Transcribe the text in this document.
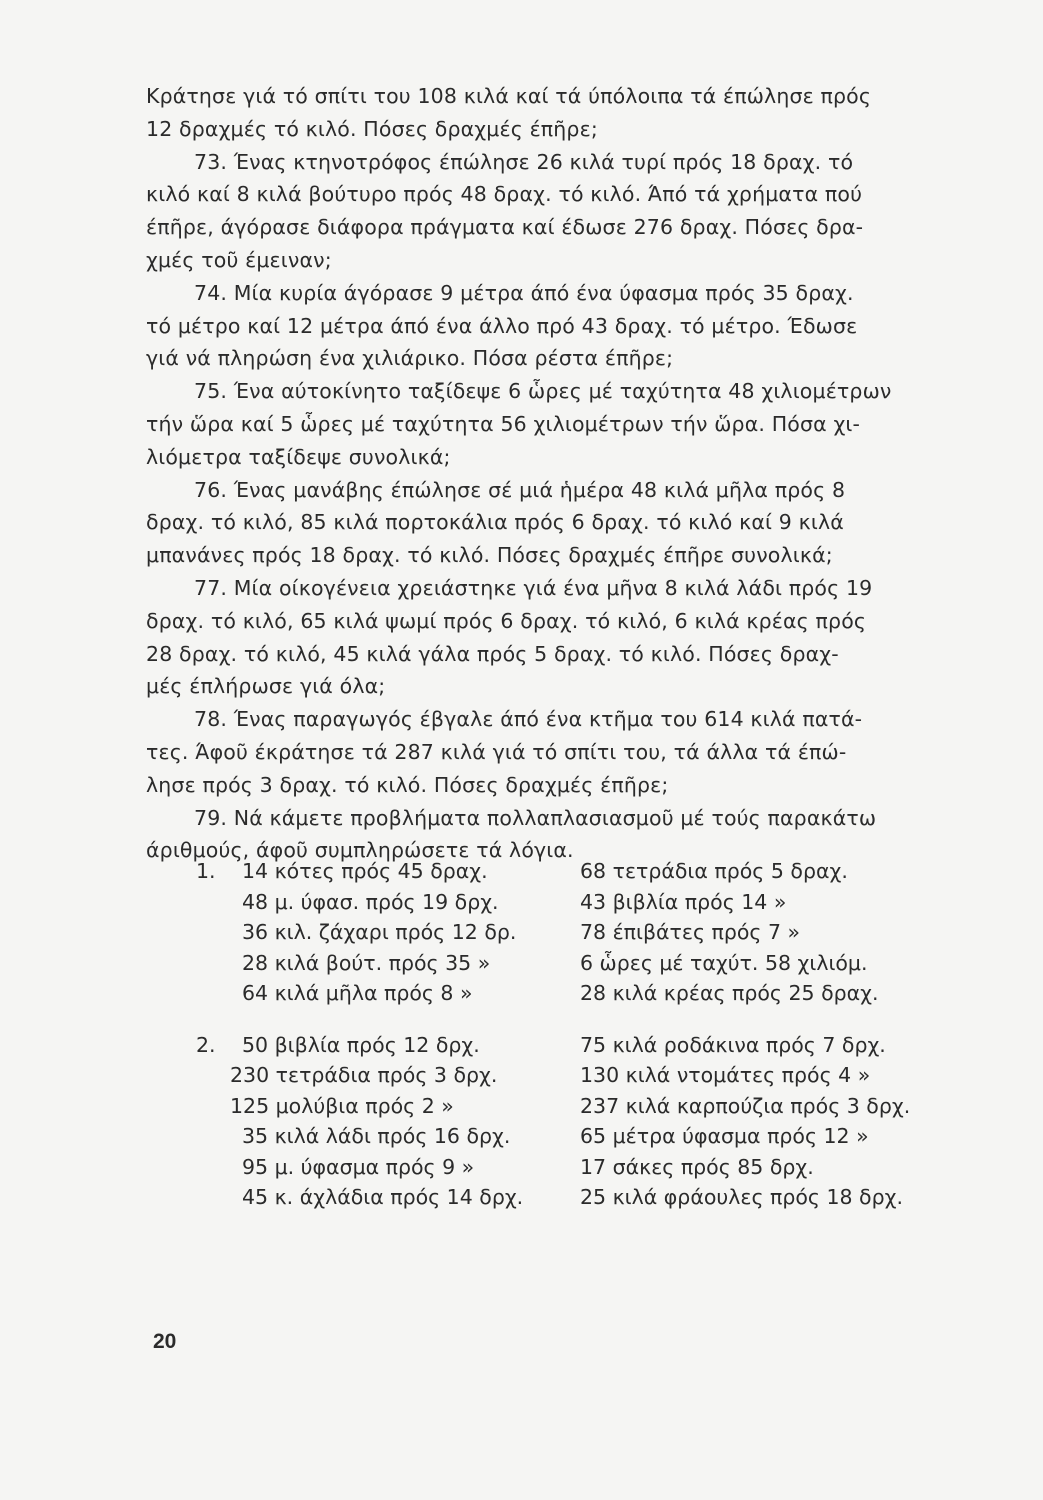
Κράτησε γιά τό σπίτι του 108 κιλά καί τά ύπόλοιπα τά έπώλησε πρός
12 δραχμές τό κιλό. Πόσες δραχμές έπῆρε;
73. Ένας κτηνοτρόφος έπώλησε 26 κιλά τυρί πρός 18 δραχ. τό
κιλό καί 8 κιλά βούτυρο πρός 48 δραχ. τό κιλό. Άπό τά χρήματα πού
έπῆρε, άγόρασε διάφορα πράγματα καί έδωσε 276 δραχ. Πόσες δρα-
χμές τοῦ έμειναν;
74. Μία κυρία άγόρασε 9 μέτρα άπό ένα ύφασμα πρός 35 δραχ.
τό μέτρο καί 12 μέτρα άπό ένα άλλο πρό 43 δραχ. τό μέτρο. Έδωσε
γιά νά πληρώση ένα χιλιάρικο. Πόσα ρέστα έπῆρε;
75. Ένα αύτοκίνητο ταξίδεψε 6 ὧρες μέ ταχύτητα 48 χιλιομέτρων
τήν ὥρα καί 5 ὧρες μέ ταχύτητα 56 χιλιομέτρων τήν ὥρα. Πόσα χι-
λιόμετρα ταξίδεψε συνολικά;
76. Ένας μανάβης έπώλησε σέ μιά ἡμέρα 48 κιλά μῆλα πρός 8
δραχ. τό κιλό, 85 κιλά πορτοκάλια πρός 6 δραχ. τό κιλό καί 9 κιλά
μπανάνες πρός 18 δραχ. τό κιλό. Πόσες δραχμές έπῆρε συνολικά;
77. Μία οίκογένεια χρειάστηκε γιά ένα μῆνα 8 κιλά λάδι πρός 19
δραχ. τό κιλό, 65 κιλά ψωμί πρός 6 δραχ. τό κιλό, 6 κιλά κρέας πρός
28 δραχ. τό κιλό, 45 κιλά γάλα πρός 5 δραχ. τό κιλό. Πόσες δραχ-
μές έπλήρωσε γιά όλα;
78. Ένας παραγωγός έβγαλε άπό ένα κτῆμα του 614 κιλά πατά-
τες. Άφοῦ έκράτησε τά 287 κιλά γιά τό σπίτι του, τά άλλα τά έπώ-
λησε πρός 3 δραχ. τό κιλό. Πόσες δραχμές έπῆρε;
79. Νά κάμετε προβλήματα πολλαπλασιασμοῦ μέ τούς παρακάτω
άριθμούς, άφοῦ συμπληρώσετε τά λόγια.
1. 14 κότες πρός 45 δραχ.	68 τετράδια πρός 5 δραχ.
48 μ. ύφασ. πρός 19 δρχ.	43 βιβλία πρός 14 »
36 κιλ. ζάχαρι πρός 12 δρ.	78 έπιβάτες πρός 7 »
28 κιλά βούτ. πρός 35 »	6 ὧρες μέ ταχύτ. 58 χιλιόμ.
64 κιλά μῆλα πρός 8 »	28 κιλά κρέας πρός 25 δραχ.
2. 50 βιβλία πρός 12 δρχ.	75 κιλά ροδάκινα πρός 7 δρχ.
230 τετράδια πρός 3 δρχ.	130 κιλά ντομάτες πρός 4 »
125 μολύβια πρός 2 »	237 κιλά καρπούζια πρός 3 δρχ.
35 κιλά λάδι πρός 16 δρχ.	65 μέτρα ύφασμα πρός 12 »
95 μ. ύφασμα πρός 9 »	17 σάκες πρός 85 δρχ.
45 κ. άχλάδια πρός 14 δρχ.	25 κιλά φράουλες πρός 18 δρχ.
20
